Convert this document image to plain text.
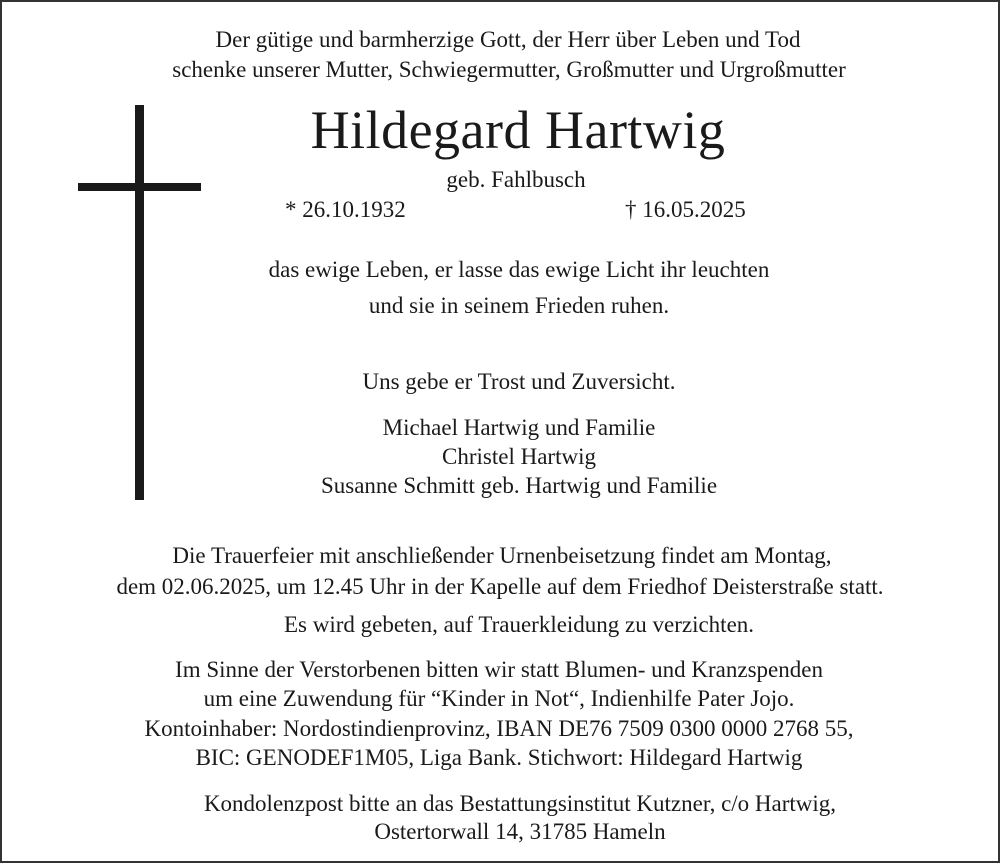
Der gütige und barmherzige Gott, der Herr über Leben und Tod
schenke unserer Mutter, Schwiegermutter, Großmutter und Urgroßmutter
Hildegard Hartwig
geb. Fahlbusch
* 26.10.1932	† 16.05.2025
das ewige Leben, er lasse das ewige Licht ihr leuchten
und sie in seinem Frieden ruhen.
Uns gebe er Trost und Zuversicht.
Michael Hartwig und Familie
Christel Hartwig
Susanne Schmitt geb. Hartwig und Familie
Die Trauerfeier mit anschließender Urnenbeisetzung findet am Montag,
dem 02.06.2025, um 12.45 Uhr in der Kapelle auf dem Friedhof Deisterstraße statt.
Es wird gebeten, auf Trauerkleidung zu verzichten.
Im Sinne der Verstorbenen bitten wir statt Blumen- und Kranzspenden
um eine Zuwendung für “Kinder in Not“, Indienhilfe Pater Jojo.
Kontoinhaber: Nordostindienprovinz, IBAN DE76 7509 0300 0000 2768 55,
BIC: GENODEF1M05, Liga Bank. Stichwort: Hildegard Hartwig
Kondolenzpost bitte an das Bestattungsinstitut Kutzner, c/o Hartwig,
Ostertorwall 14, 31785 Hameln
